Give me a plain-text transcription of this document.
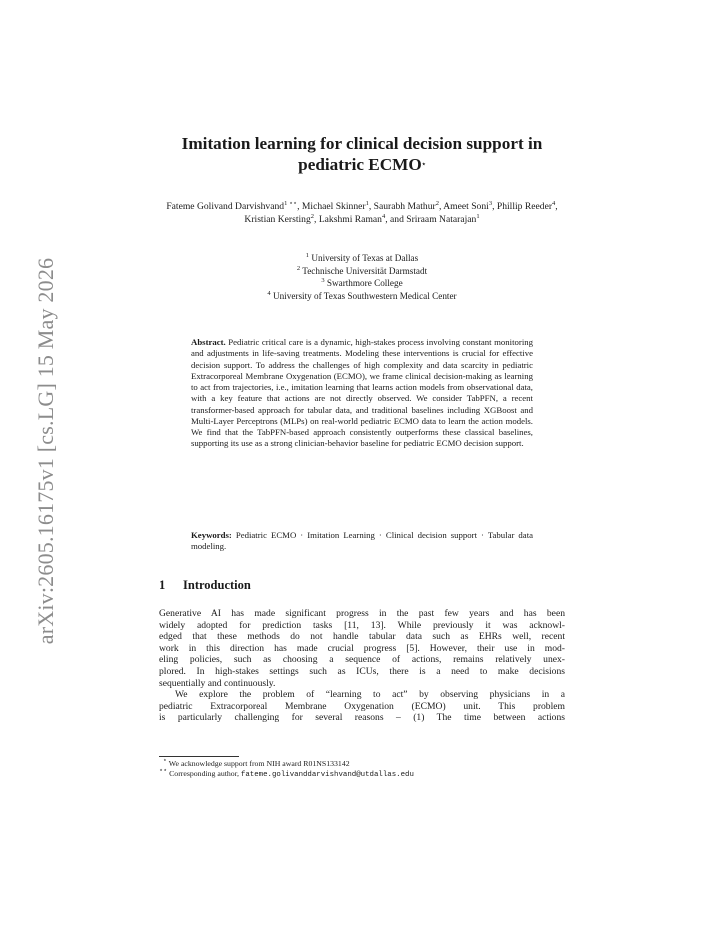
arXiv:2605.16175v1 [cs.LG] 15 May 2026
Imitation learning for clinical decision support in
pediatric ECMO⋆
Fateme Golivand Darvishvand$^{1 ⋆⋆}$, Michael Skinner$^1$, Saurabh Mathur$^2$, Ameet Soni$^3$, Phillip Reeder$^4$, Kristian Kersting$^2$, Lakshmi Raman$^4$, and Sriraam Natarajan$^1$
$^1$ University of Texas at Dallas
$^2$ Technische Universität Darmstadt
$^3$ Swarthmore College
$^4$ University of Texas Southwestern Medical Center
Abstract. Pediatric critical care is a dynamic, high-stakes process involving constant monitoring and adjustments in life-saving treatments. Modeling these interventions is crucial for effective decision support. To address the challenges of high complexity and data scarcity in pediatric Extracorporeal Membrane Oxygenation (ECMO), we frame clinical decision-making as learning to act from trajectories, i.e., imitation learning that learns action models from observational data, with a key feature that actions are not directly observed. We consider TabPFN, a recent transformer-based approach for tabular data, and traditional baselines including XGBoost and Multi-Layer Perceptrons (MLPs) on real-world pediatric ECMO data to learn the action models. We find that the TabPFN-based approach consistently outperforms these classical baselines, supporting its use as a strong clinician-behavior baseline for pediatric ECMO decision support.
Keywords: Pediatric ECMO · Imitation Learning · Clinical decision support · Tabular data modeling.
1 Introduction
Generative AI has made significant progress in the past few years and has been
widely adopted for prediction tasks [11, 13]. While previously it was acknowl-
edged that these methods do not handle tabular data such as EHRs well, recent
work in this direction has made crucial progress [5]. However, their use in mod-
eling policies, such as choosing a sequence of actions, remains relatively unex-
plored. In high-stakes settings such as ICUs, there is a need to make decisions
sequentially and continuously.
We explore the problem of “learning to act” by observing physicians in a
pediatric Extracorporeal Membrane Oxygenation (ECMO) unit. This problem
is particularly challenging for several reasons – (1) The time between actions
⋆ We acknowledge support from NIH award R01NS133142
⋆⋆ Corresponding author, fateme.golivanddarvishvand@utdallas.edu
